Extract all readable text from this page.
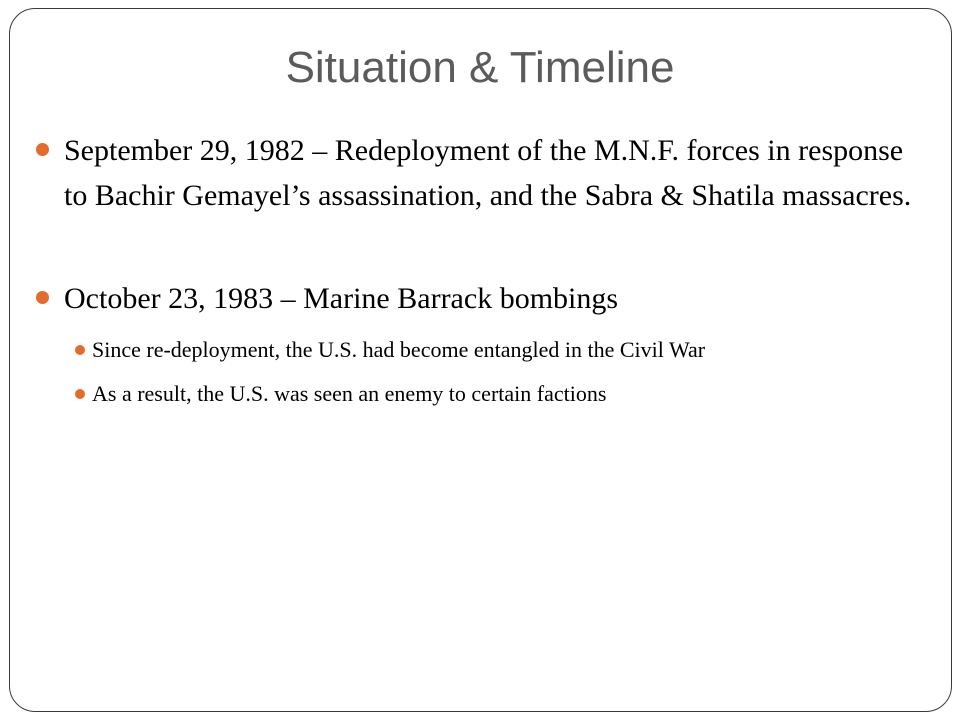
Situation & Timeline
September 29, 1982 – Redeployment of the M.N.F. forces in response to Bachir Gemayel’s assassination, and the Sabra & Shatila massacres.
October 23, 1983 – Marine Barrack bombings
Since re-deployment, the U.S. had become entangled in the Civil War
As a result, the U.S. was seen an enemy to certain factions
